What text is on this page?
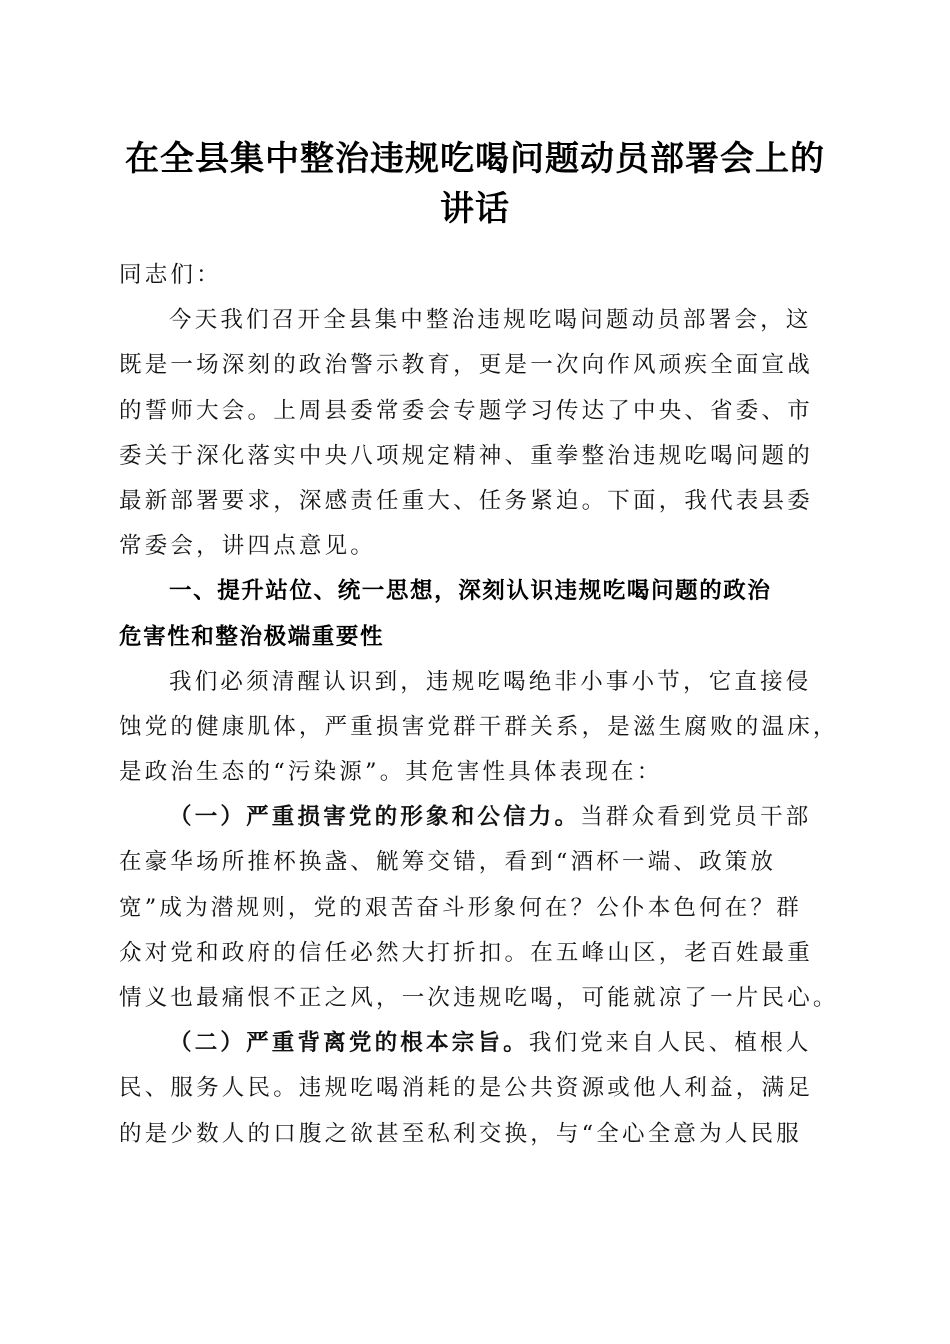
在全县集中整治违规吃喝问题动员部署会上的
讲话
同志们：
今天我们召开全县集中整治违规吃喝问题动员部署会，这
既是一场深刻的政治警示教育，更是一次向作风顽疾全面宣战
的誓师大会。上周县委常委会专题学习传达了中央、省委、市
委关于深化落实中央八项规定精神、重拳整治违规吃喝问题的
最新部署要求，深感责任重大、任务紧迫。下面，我代表县委
常委会，讲四点意见。
一、提升站位、统一思想，深刻认识违规吃喝问题的政治
危害性和整治极端重要性
我们必须清醒认识到，违规吃喝绝非小事小节，它直接侵
蚀党的健康肌体，严重损害党群干群关系，是滋生腐败的温床，
是政治生态的“污染源”。其危害性具体表现在：
（一）严重损害党的形象和公信力。当群众看到党员干部
在豪华场所推杯换盏、觥筹交错，看到“酒杯一端、政策放
宽”成为潜规则，党的艰苦奋斗形象何在？公仆本色何在？群
众对党和政府的信任必然大打折扣。在五峰山区，老百姓最重
情义也最痛恨不正之风，一次违规吃喝，可能就凉了一片民心。
（二）严重背离党的根本宗旨。我们党来自人民、植根人
民、服务人民。违规吃喝消耗的是公共资源或他人利益，满足
的是少数人的口腹之欲甚至私利交换，与“全心全意为人民服
